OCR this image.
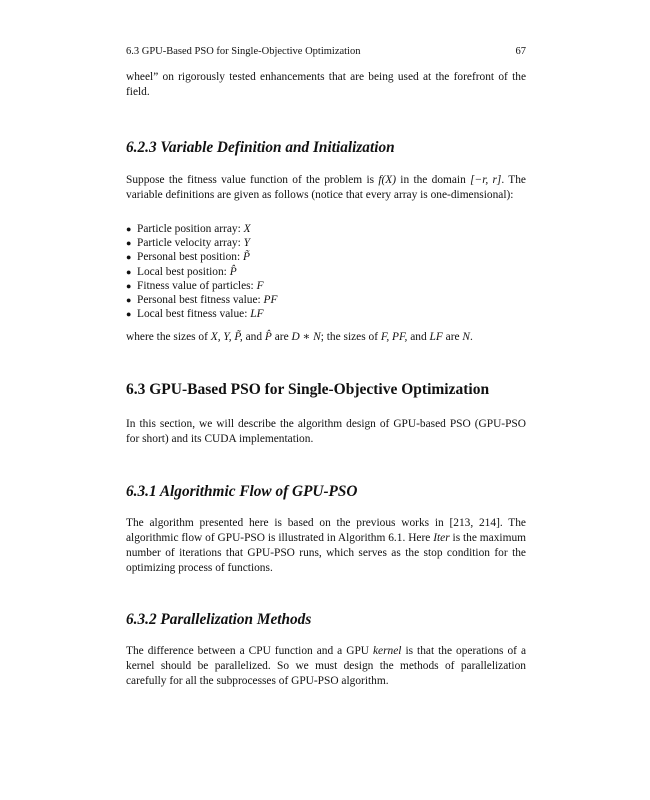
6.3 GPU-Based PSO for Single-Objective Optimization	67

wheel” on rigorously tested enhancements that are being used at the forefront of the field.

6.2.3 Variable Definition and Initialization

Suppose the fitness value function of the problem is f(X) in the domain [−r, r]. The variable definitions are given as follows (notice that every array is one-dimensional):

● Particle position array: X
● Particle velocity array: Y
● Personal best position: P̃
● Local best position: P̂
● Fitness value of particles: F
● Personal best fitness value: PF
● Local best fitness value: LF

where the sizes of X, Y, P̃, and P̂ are D ∗ N; the sizes of F, PF, and LF are N.

6.3 GPU-Based PSO for Single-Objective Optimization

In this section, we will describe the algorithm design of GPU-based PSO (GPU-PSO for short) and its CUDA implementation.

6.3.1 Algorithmic Flow of GPU-PSO

The algorithm presented here is based on the previous works in [213, 214]. The algorithmic flow of GPU-PSO is illustrated in Algorithm 6.1. Here Iter is the maximum number of iterations that GPU-PSO runs, which serves as the stop condition for the optimizing process of functions.

6.3.2 Parallelization Methods

The difference between a CPU function and a GPU kernel is that the operations of a kernel should be parallelized. So we must design the methods of parallelization carefully for all the subprocesses of GPU-PSO algorithm.
